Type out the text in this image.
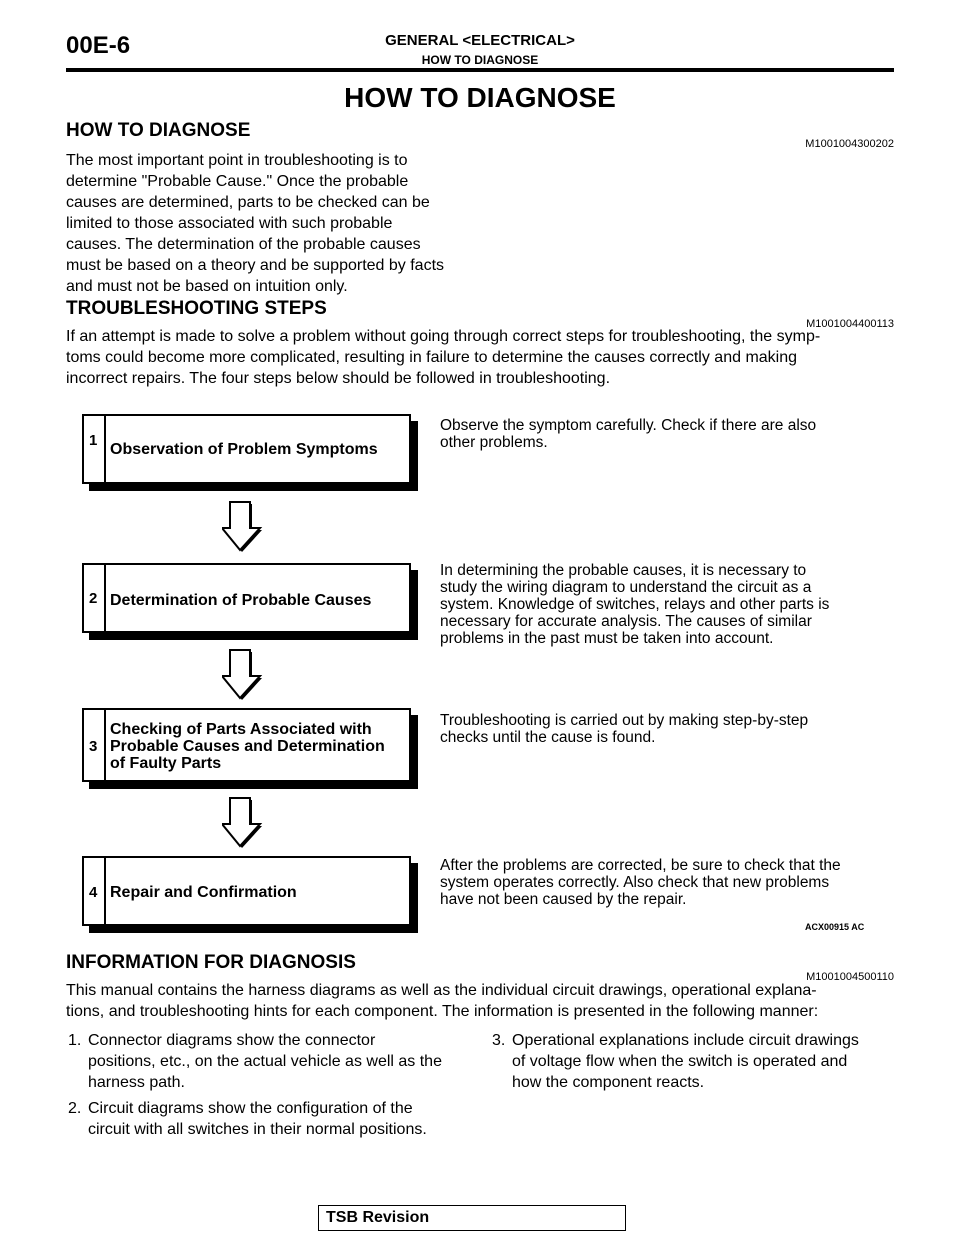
00E-6	GENERAL <ELECTRICAL>
HOW TO DIAGNOSE
HOW TO DIAGNOSE
HOW TO DIAGNOSE
M1001004300202
The most important point in troubleshooting is to
determine "Probable Cause." Once the probable
causes are determined, parts to be checked can be
limited to those associated with such probable
causes. The determination of the probable causes
must be based on a theory and be supported by facts
and must not be based on intuition only.
TROUBLESHOOTING STEPS
M1001004400113
If an attempt is made to solve a problem without going through correct steps for troubleshooting, the symp-
toms could become more complicated, resulting in failure to determine the causes correctly and making
incorrect repairs. The four steps below should be followed in troubleshooting.
1
Observation of Problem Symptoms
Observe the symptom carefully. Check if there are also
other problems.
2 Determination of Probable Causes
In determining the probable causes, it is necessary to
study the wiring diagram to understand the circuit as a
system. Knowledge of switches, relays and other parts is
necessary for accurate analysis. The causes of similar
problems in the past must be taken into account.
3
Checking of Parts Associated with
Probable Causes and Determination
of Faulty Parts
Troubleshooting is carried out by making step-by-step
checks until the cause is found.
4 Repair and Confirmation
After the problems are corrected, be sure to check that the
system operates correctly. Also check that new problems
have not been caused by the repair.
ACX00915 AC
INFORMATION FOR DIAGNOSIS
M1001004500110
This manual contains the harness diagrams as well as the individual circuit drawings, operational explana-
tions, and troubleshooting hints for each component. The information is presented in the following manner:
1. Connector diagrams show the connector
positions, etc., on the actual vehicle as well as the
harness path.
2. Circuit diagrams show the configuration of the
circuit with all switches in their normal positions.
3. Operational explanations include circuit drawings
of voltage flow when the switch is operated and
how the component reacts.
TSB Revision
